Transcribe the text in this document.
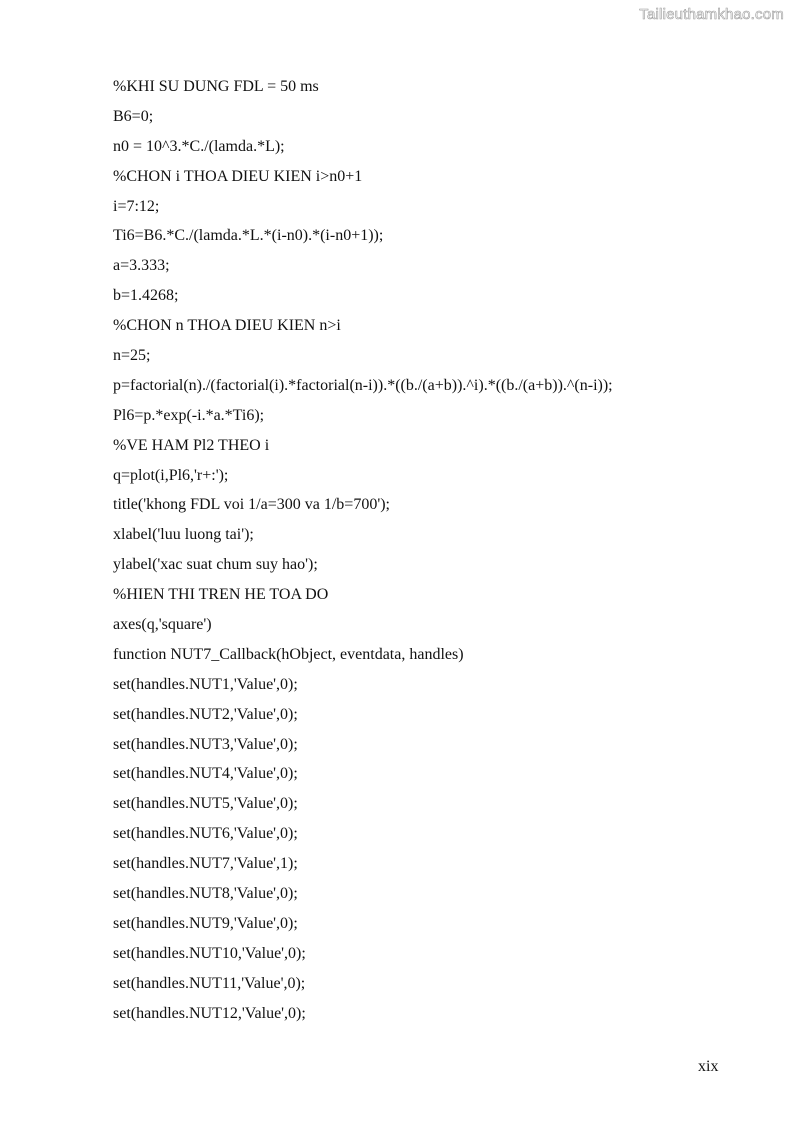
Tailieuthamkhao.com
%KHI SU DUNG FDL = 50 ms
B6=0;
n0 = 10^3.*C./(lamda.*L);
%CHON i THOA DIEU KIEN i>n0+1
i=7:12;
Ti6=B6.*C./(lamda.*L.*(i-n0).*(i-n0+1));
a=3.333;
b=1.4268;
%CHON n THOA DIEU KIEN n>i
n=25;
p=factorial(n)./(factorial(i).*factorial(n-i)).*((b./(a+b)).^i).*((b./(a+b)).^(n-i));
Pl6=p.*exp(-i.*a.*Ti6);
%VE HAM Pl2 THEO i
q=plot(i,Pl6,'r+:');
title('khong FDL voi 1/a=300 va 1/b=700');
xlabel('luu luong tai');
ylabel('xac suat chum suy hao');
%HIEN THI TREN HE TOA DO
axes(q,'square')
function NUT7_Callback(hObject, eventdata, handles)
set(handles.NUT1,'Value',0);
set(handles.NUT2,'Value',0);
set(handles.NUT3,'Value',0);
set(handles.NUT4,'Value',0);
set(handles.NUT5,'Value',0);
set(handles.NUT6,'Value',0);
set(handles.NUT7,'Value',1);
set(handles.NUT8,'Value',0);
set(handles.NUT9,'Value',0);
set(handles.NUT10,'Value',0);
set(handles.NUT11,'Value',0);
set(handles.NUT12,'Value',0);
xix
